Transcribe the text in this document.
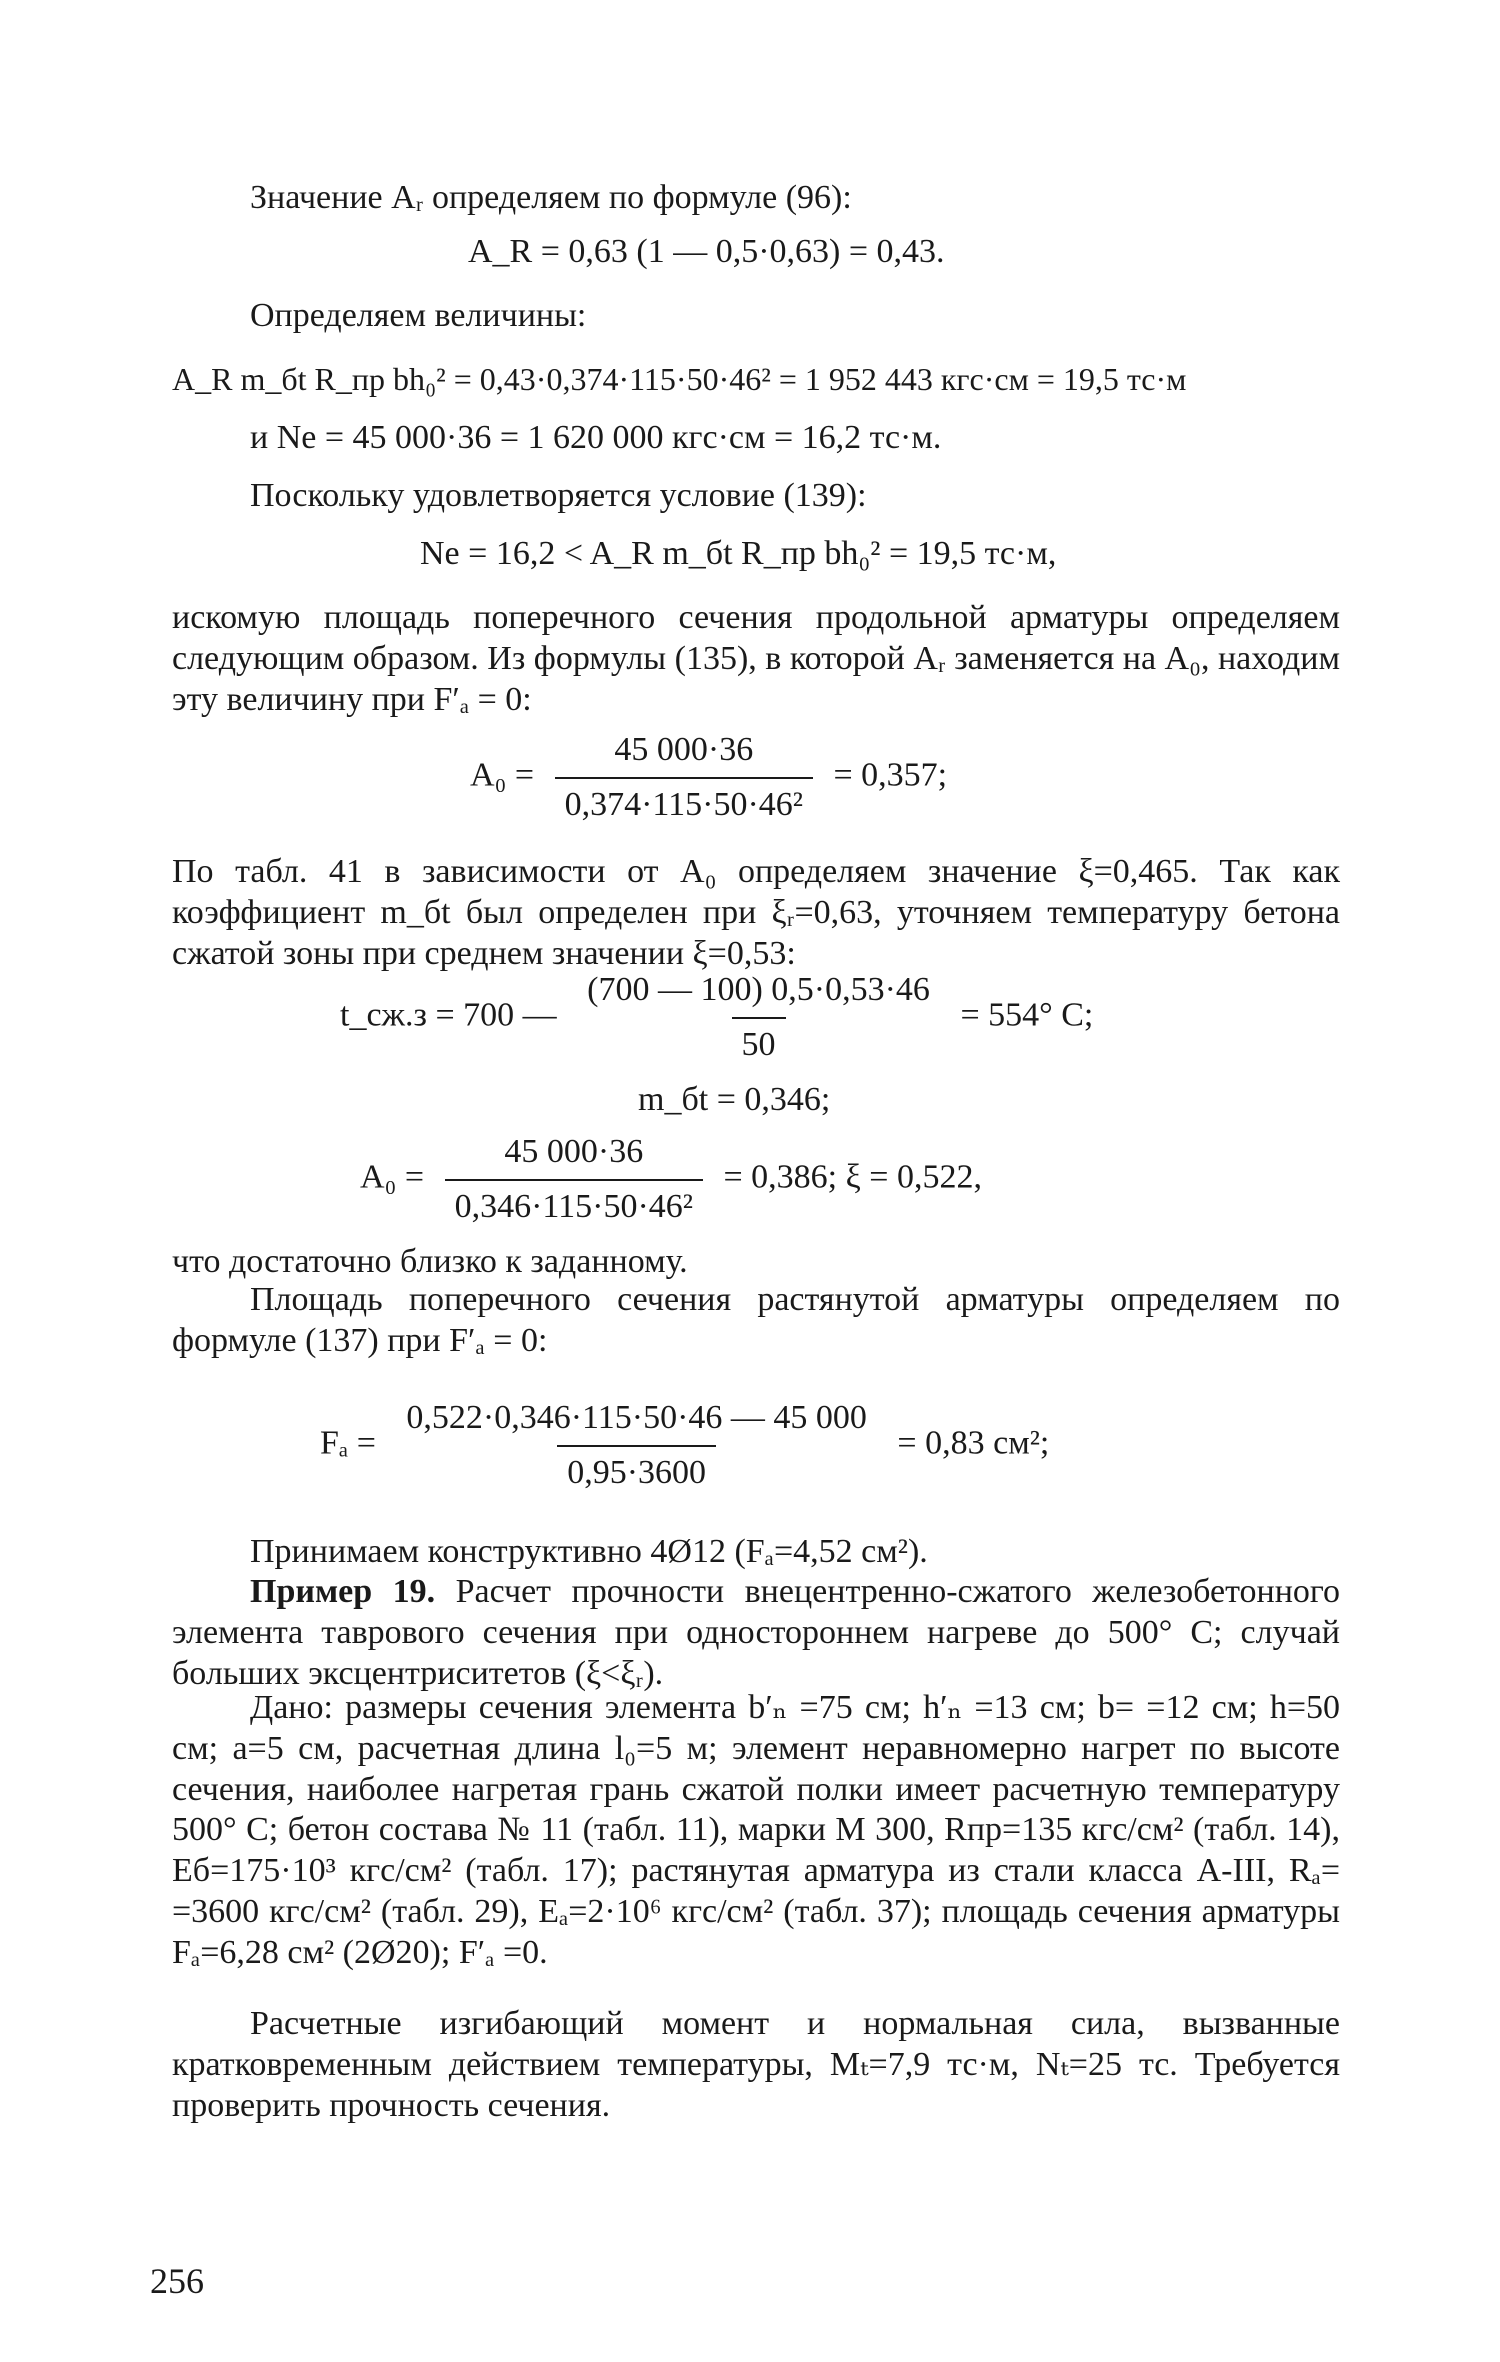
Значение Aᵣ определяем по формуле (96):

A_R = 0,63 (1 — 0,5·0,63) = 0,43.

Определяем величины:

A_R m_бt R_пр bh₀² = 0,43·0,374·115·50·46² = 1 952 443 кгс·см = 19,5 тс·м
и Ne = 45 000·36 = 1 620 000 кгс·см = 16,2 тс·м.

Поскольку удовлетворяется условие (139):

Ne = 16,2 < A_R m_бt R_пр bh₀² = 19,5 тс·м,

искомую площадь поперечного сечения продольной арматуры определяем следующим образом. Из формулы (135), в которой Aᵣ заменяется на A₀, находим эту величину при F′ₐ = 0:

$A_0 = \frac{45 000\cdot 36}{\text{0,374·115·50·46²}} = 0,357$;

По табл. 41 в зависимости от A₀ определяем значение ξ=0,465. Так как коэффициент m_бt был определен при ξᵣ=0,63, уточняем температуру бетона сжатой зоны при среднем значении ξ=0,53:

t_сж.з = 700 — $\frac{(700 — 100) 0,5\cdot 0,53\cdot 46}{50} = 554^\circ$ C;
m_бt = 0,346;
$A_0 = \frac{45 000\cdot 36}{\text{0,346·115·50·46²}} = 0,386$; ξ = 0,522,

что достаточно близко к заданному.

Площадь поперечного сечения растянутой арматуры определяем по формуле (137) при F′ₐ = 0:

$F_a = \frac{0,522\cdot 0,346\cdot 115\cdot 50\cdot 46 — 45 000}{0,95\cdot 3600} = 0,83$ см²;

Принимаем конструктивно 4Ø12 (Fₐ=4,52 см²).

Пример 19. Расчет прочности внецентренно-сжатого железобетонного элемента таврового сечения при одностороннем нагреве до 500° C; случай больших эксцентриситетов (ξ<ξᵣ).

Дано: размеры сечения элемента b′ₙ =75 см; h′ₙ =13 см; b= =12 см; h=50 см; a=5 см, расчетная длина l₀=5 м; элемент неравномерно нагрет по высоте сечения, наиболее нагретая грань сжатой полки имеет расчетную температуру 500° C; бетон состава № 11 (табл. 11), марки М 300, Rпр=135 кгс/см² (табл. 14), Eб=175·10³ кгс/см² (табл. 17); растянутая арматура из стали класса А-III, Rₐ= =3600 кгс/см² (табл. 29), Eₐ=2·10⁶ кгс/см² (табл. 37); площадь сечения арматуры Fₐ=6,28 см² (2Ø20); F′ₐ =0.

Расчетные изгибающий момент и нормальная сила, вызванные кратковременным действием температуры, Mₜ=7,9 тс·м, Nₜ=25 тс. Требуется проверить прочность сечения.

256
